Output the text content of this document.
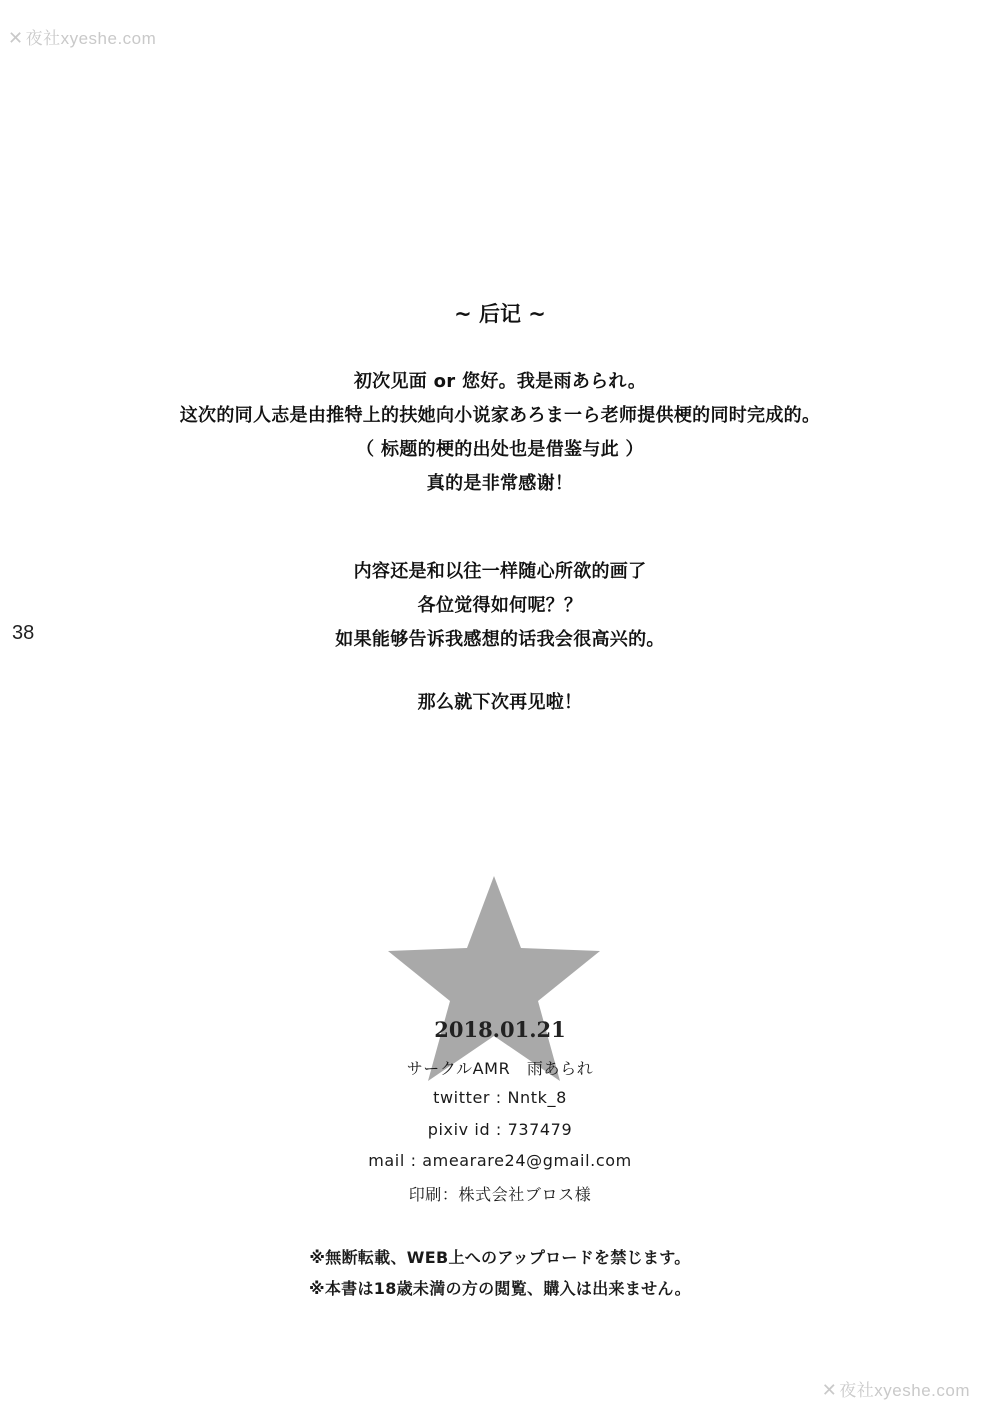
✕ 夜社xyeshe.com
38
~ 后记 ~
初次见面 or 您好。我是雨あられ。
这次的同人志是由推特上的扶她向小说家あろま一ら老师提供梗的同时完成的。
（ 标题的梗的出处也是借鉴与此 ）
真的是非常感谢！
内容还是和以往一样随心所欲的画了
各位觉得如何呢？？
如果能够告诉我感想的话我会很高兴的。
那么就下次再见啦！
2018.01.21
サークルAMR　雨あられ
twitter : Nntk_8
pixiv id : 737479
mail : amearare24@gmail.com
印刷：株式会社ブロス様
※無断転載、WEB上へのアップロードを禁じます。
※本書は18歳未満の方の閲覧、購入は出来ません。
✕ 夜社xyeshe.com
